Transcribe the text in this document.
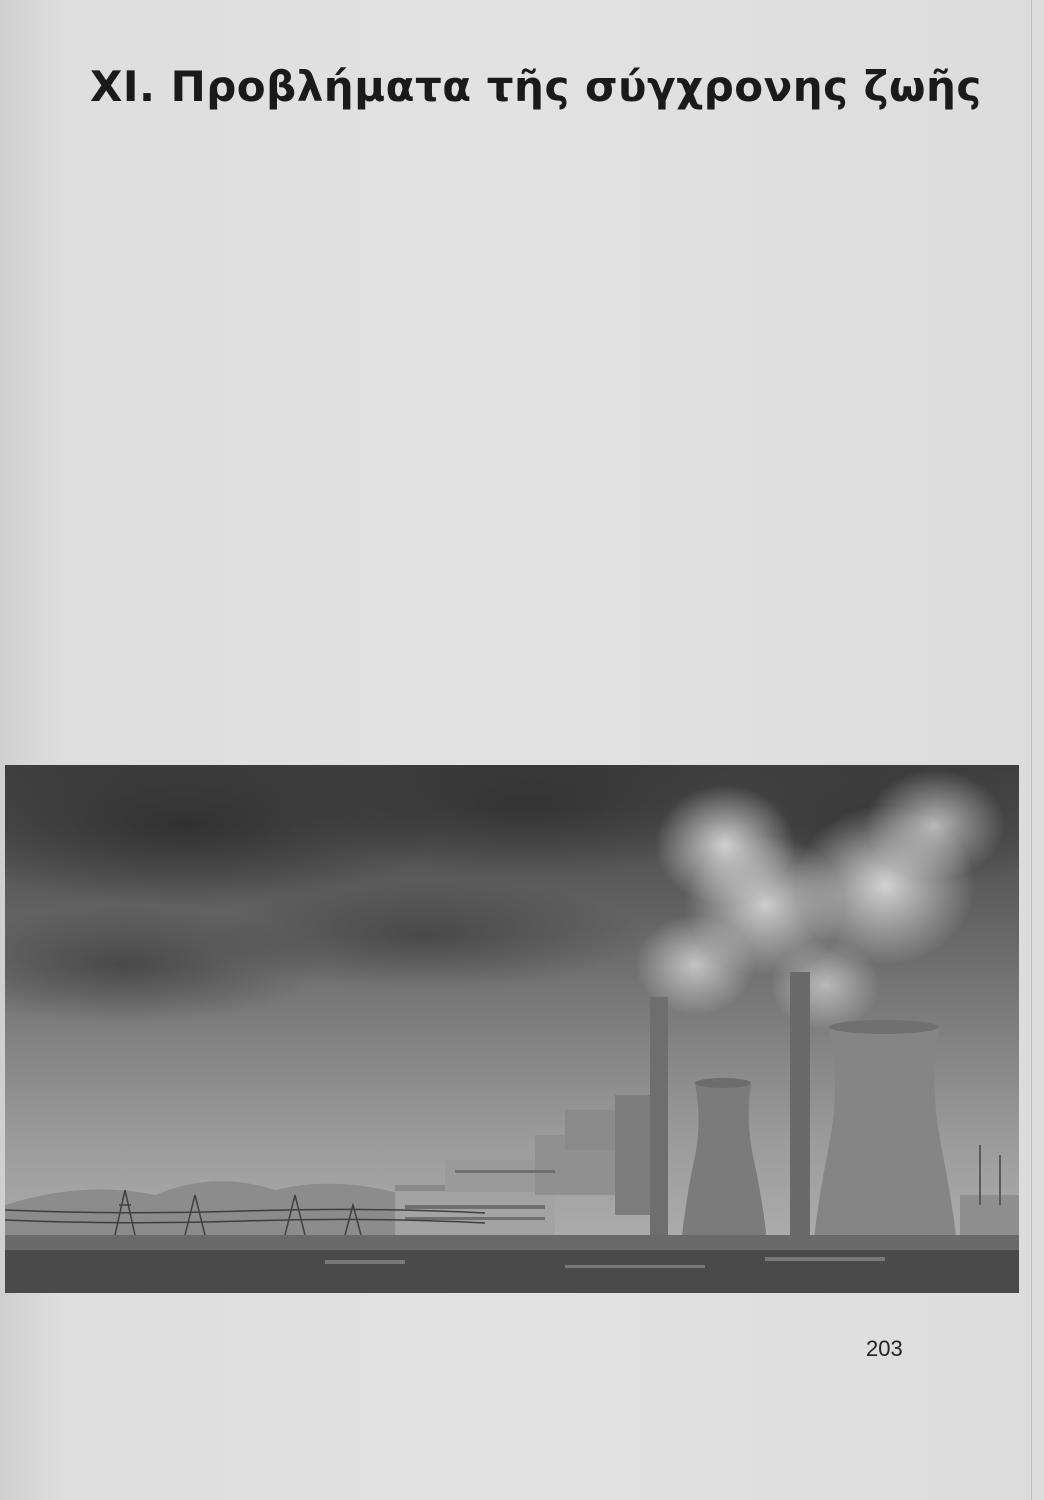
XI. Προβλήματα τῆς σύγχρονης ζωῆς
203
